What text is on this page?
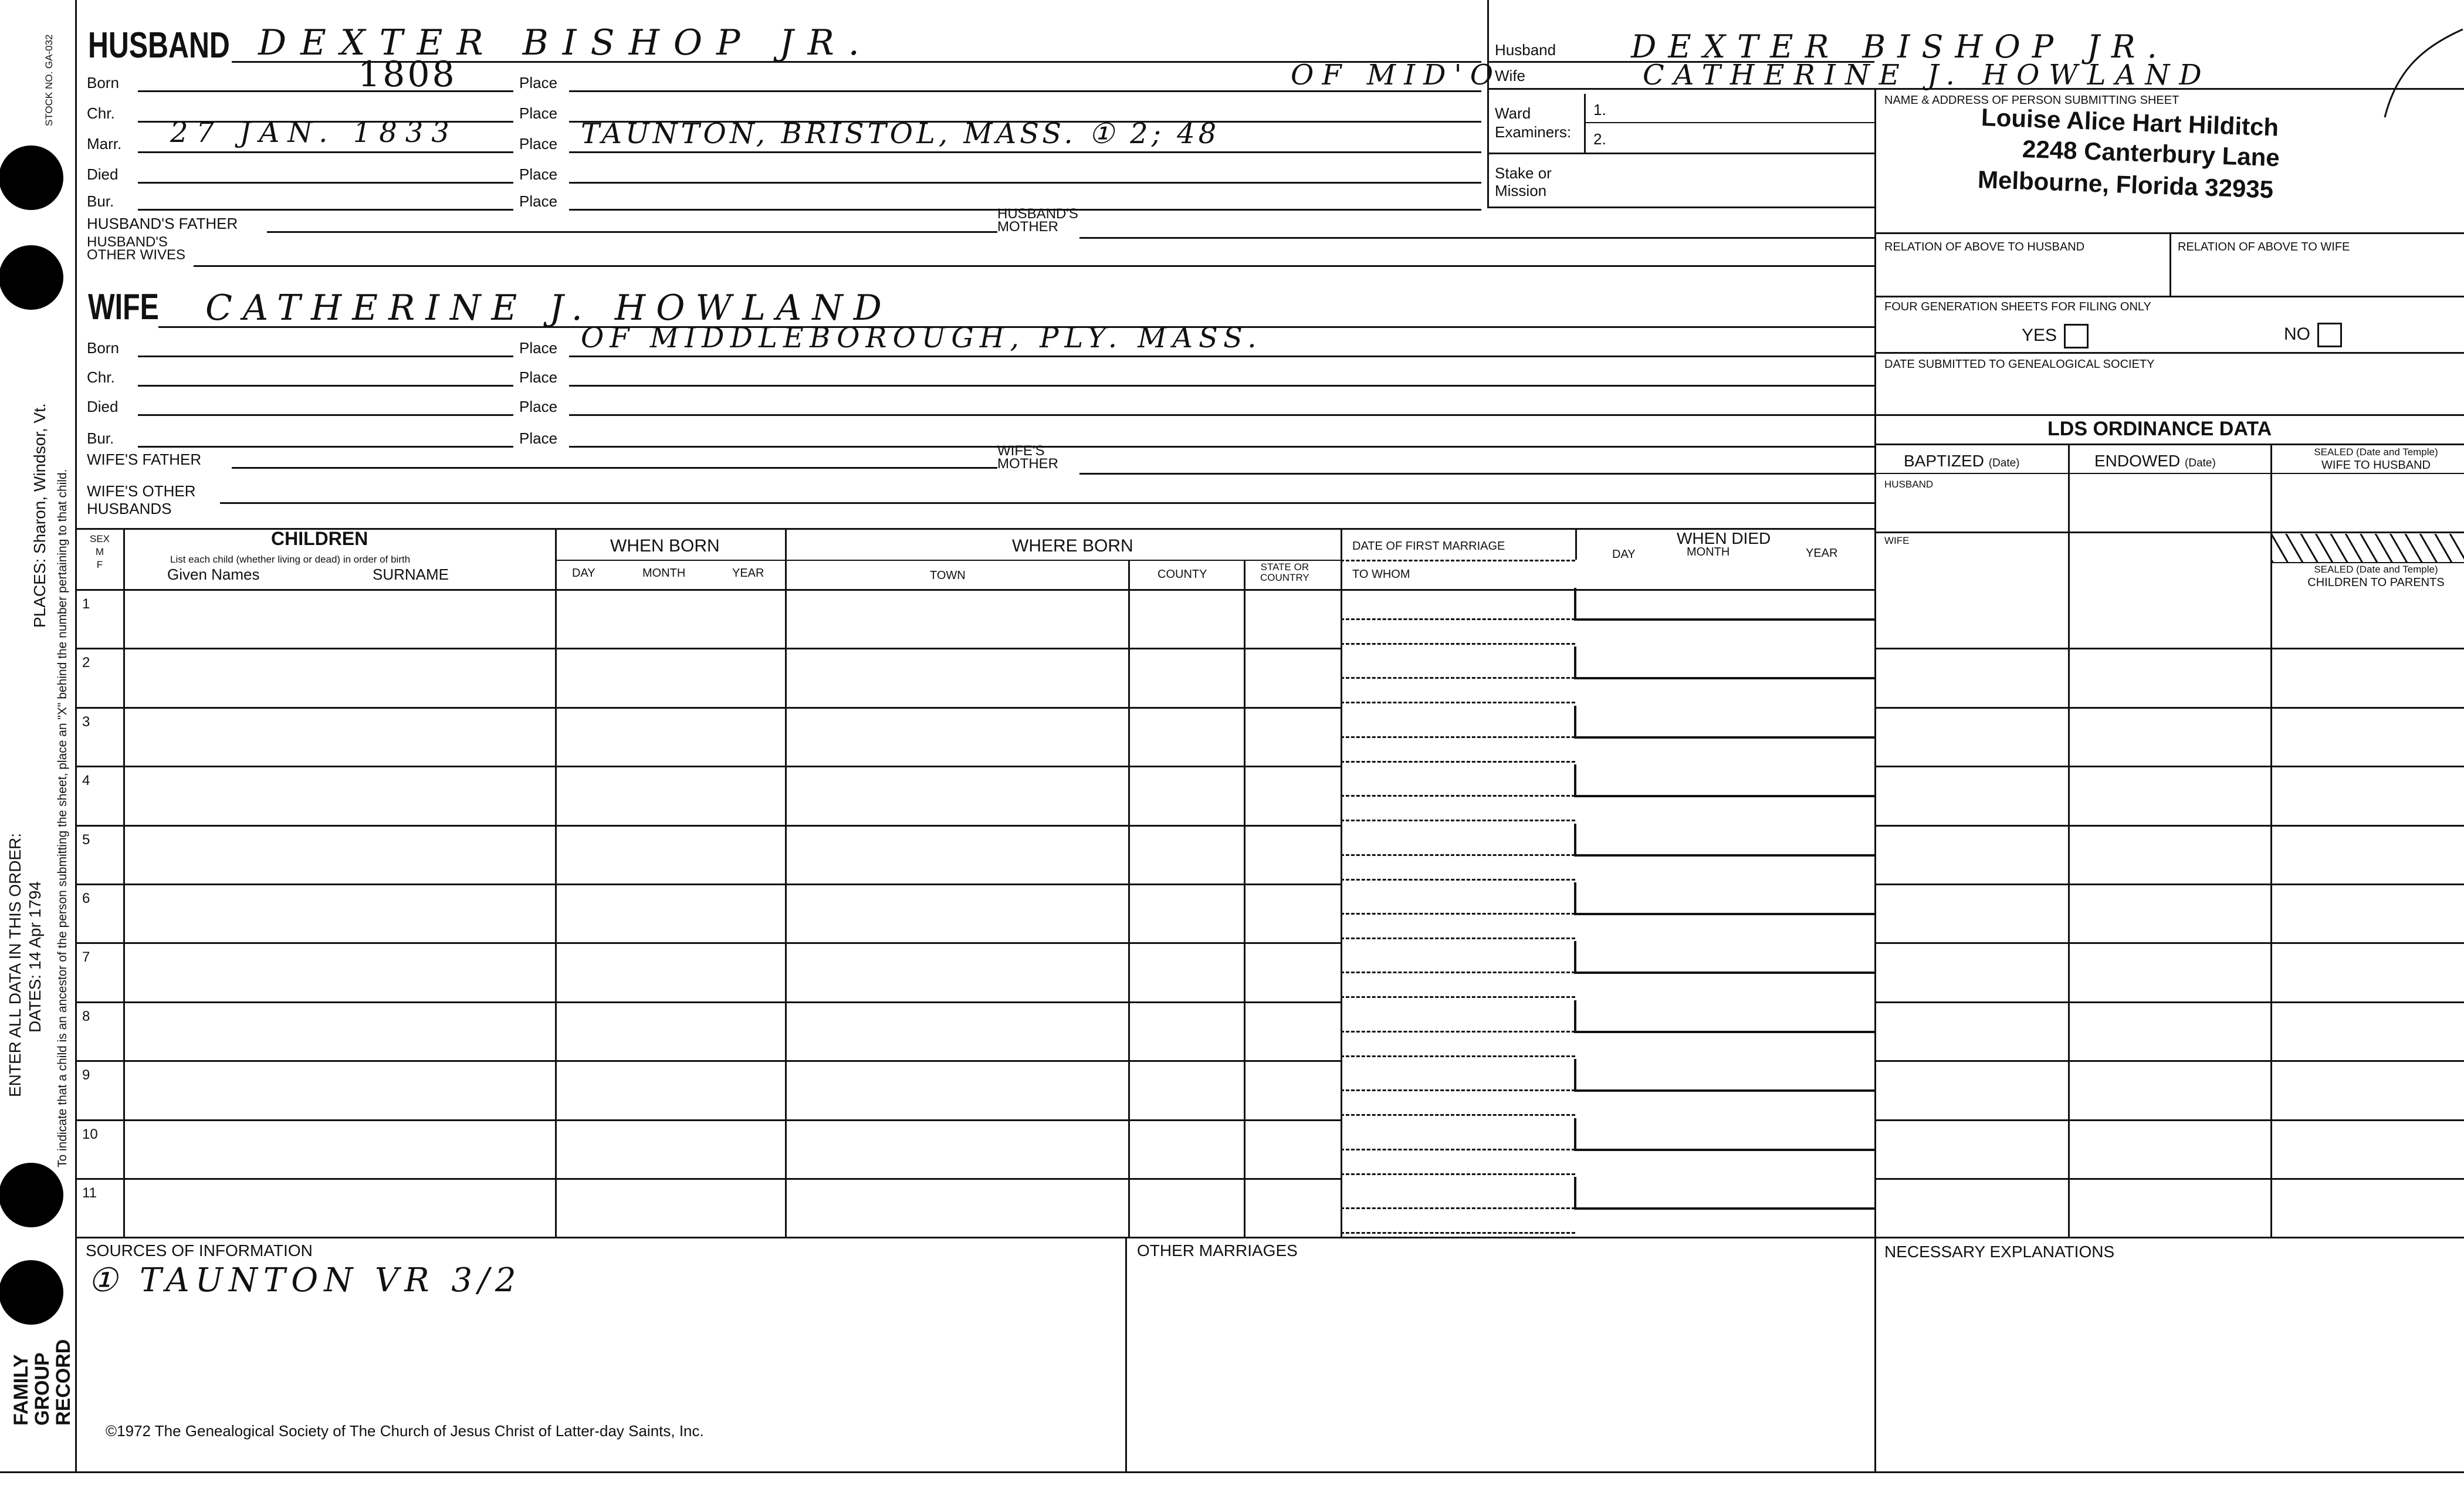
STOCK NO. GA-032
PLACES: Sharon, Windsor, Vt.
ENTER ALL DATA IN THIS ORDER: DATES: 14 Apr 1794 To indicate that a child is an ancestor of the person submitting the sheet, place an "X" behind the number pertaining to that child.
FAMILY GROUP RECORD
HUSBAND DEXTER BISHOP JR.
Born	1808	Place	OF MID'O
Chr.	Place
Marr. 27 JAN. 1833	Place TAUNTON, BRISTOL, MASS. ① 2; 48
Died	Place
Bur.	Place
HUSBAND'S FATHER
HUSBAND'S
MOTHER
HUSBAND'S
OTHER WIVES
Husband DEXTER BISHOP JR.
Wife	CATHERINE J. HOWLAND
Ward
Examiners:
1.
2.
Stake or
Mission
NAME & ADDRESS OF PERSON SUBMITTING SHEET
Louise Alice Hart Hilditch
2248 Canterbury Lane
Melbourne, Florida 32935
RELATION OF ABOVE TO HUSBAND	RELATION OF ABOVE TO WIFE
FOUR GENERATION SHEETS FOR FILING ONLY
YES	NO
DATE SUBMITTED TO GENEALOGICAL SOCIETY
LDS ORDINANCE DATA
BAPTIZED (Date)	ENDOWED (Date)
SEALED (Date and Temple)
WIFE TO HUSBAND
HUSBAND
WIFE
SEALED (Date and Temple)
CHILDREN TO PARENTS
WIFE CATHERINE J. HOWLAND
Born	Place OF MIDDLEBOROUGH, PLY. MASS.
Chr.	Place
Died	Place
Bur.	Place
WIFE'S FATHER	WIFE'S
MOTHER
WIFE'S OTHER
HUSBANDS
SEX
M
F
CHILDREN
List each child (whether living or dead) in order of birth
Given Names	SURNAME
WHEN BORN
DAY	MONTH	YEAR
WHERE BORN
TOWN	COUNTY
STATE OR
COUNTRY
DATE OF FIRST MARRIAGE
TO WHOM
DAY
WHEN DIED
MONTH	YEAR
1
2
3
4
5
6
7
8
9
10
11
SOURCES OF INFORMATION
① TAUNTON VR 3/2
OTHER MARRIAGES	NECESSARY EXPLANATIONS
©1972 The Genealogical Society of The Church of Jesus Christ of Latter-day Saints, Inc.
